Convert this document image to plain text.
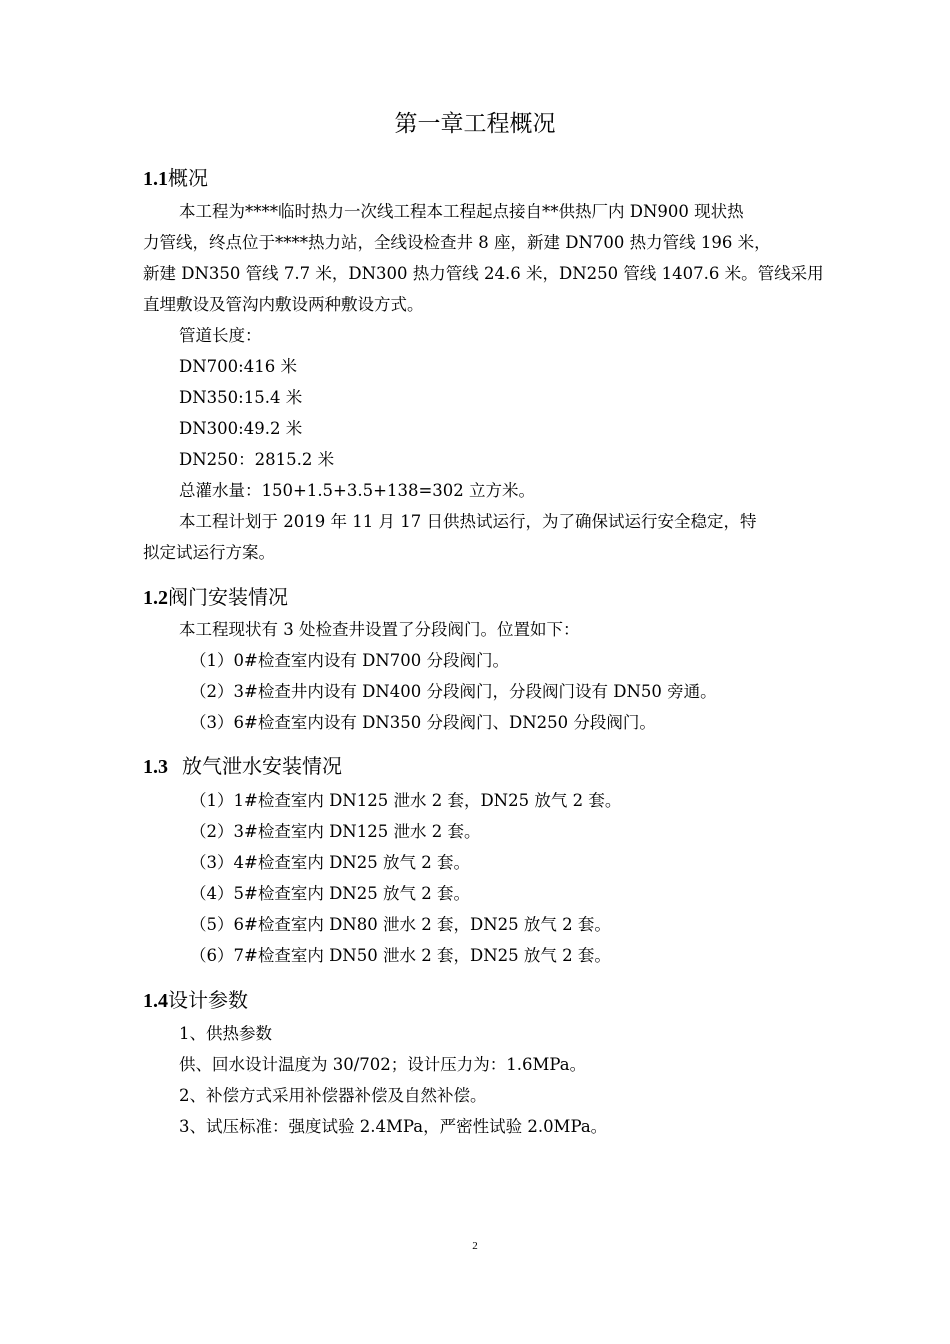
第一章工程概况
1.1概况
本工程为****临时热力一次线工程本工程起点接自**供热厂内 DN900 现状热
力管线，终点位于****热力站，全线设检查井 8 座，新建 DN700 热力管线 196 米，
新建 DN350 管线 7.7 米，DN300 热力管线 24.6 米，DN250 管线 1407.6 米。管线采用
直埋敷设及管沟内敷设两种敷设方式。
管道长度：
DN700:416 米
DN350:15.4 米
DN300:49.2 米
DN250：2815.2 米
总灌水量：150+1.5+3.5+138=302 立方米。
本工程计划于 2019 年 11 月 17 日供热试运行，为了确保试运行安全稳定，特
拟定试运行方案。
1.2阀门安装情况
本工程现状有 3 处检查井设置了分段阀门。位置如下：
（1）0#检查室内设有 DN700 分段阀门。
（2）3#检查井内设有 DN400 分段阀门，分段阀门设有 DN50 旁通。
（3）6#检查室内设有 DN350 分段阀门、DN250 分段阀门。
1.3 放气泄水安装情况
（1）1#检查室内 DN125 泄水 2 套，DN25 放气 2 套。
（2）3#检查室内 DN125 泄水 2 套。
（3）4#检查室内 DN25 放气 2 套。
（4）5#检查室内 DN25 放气 2 套。
（5）6#检查室内 DN80 泄水 2 套，DN25 放气 2 套。
（6）7#检查室内 DN50 泄水 2 套，DN25 放气 2 套。
1.4设计参数
1、供热参数
供、回水设计温度为 30/702；设计压力为：1.6MPa。
2、补偿方式采用补偿器补偿及自然补偿。
3、试压标准：强度试验 2.4MPa，严密性试验 2.0MPa。
2
